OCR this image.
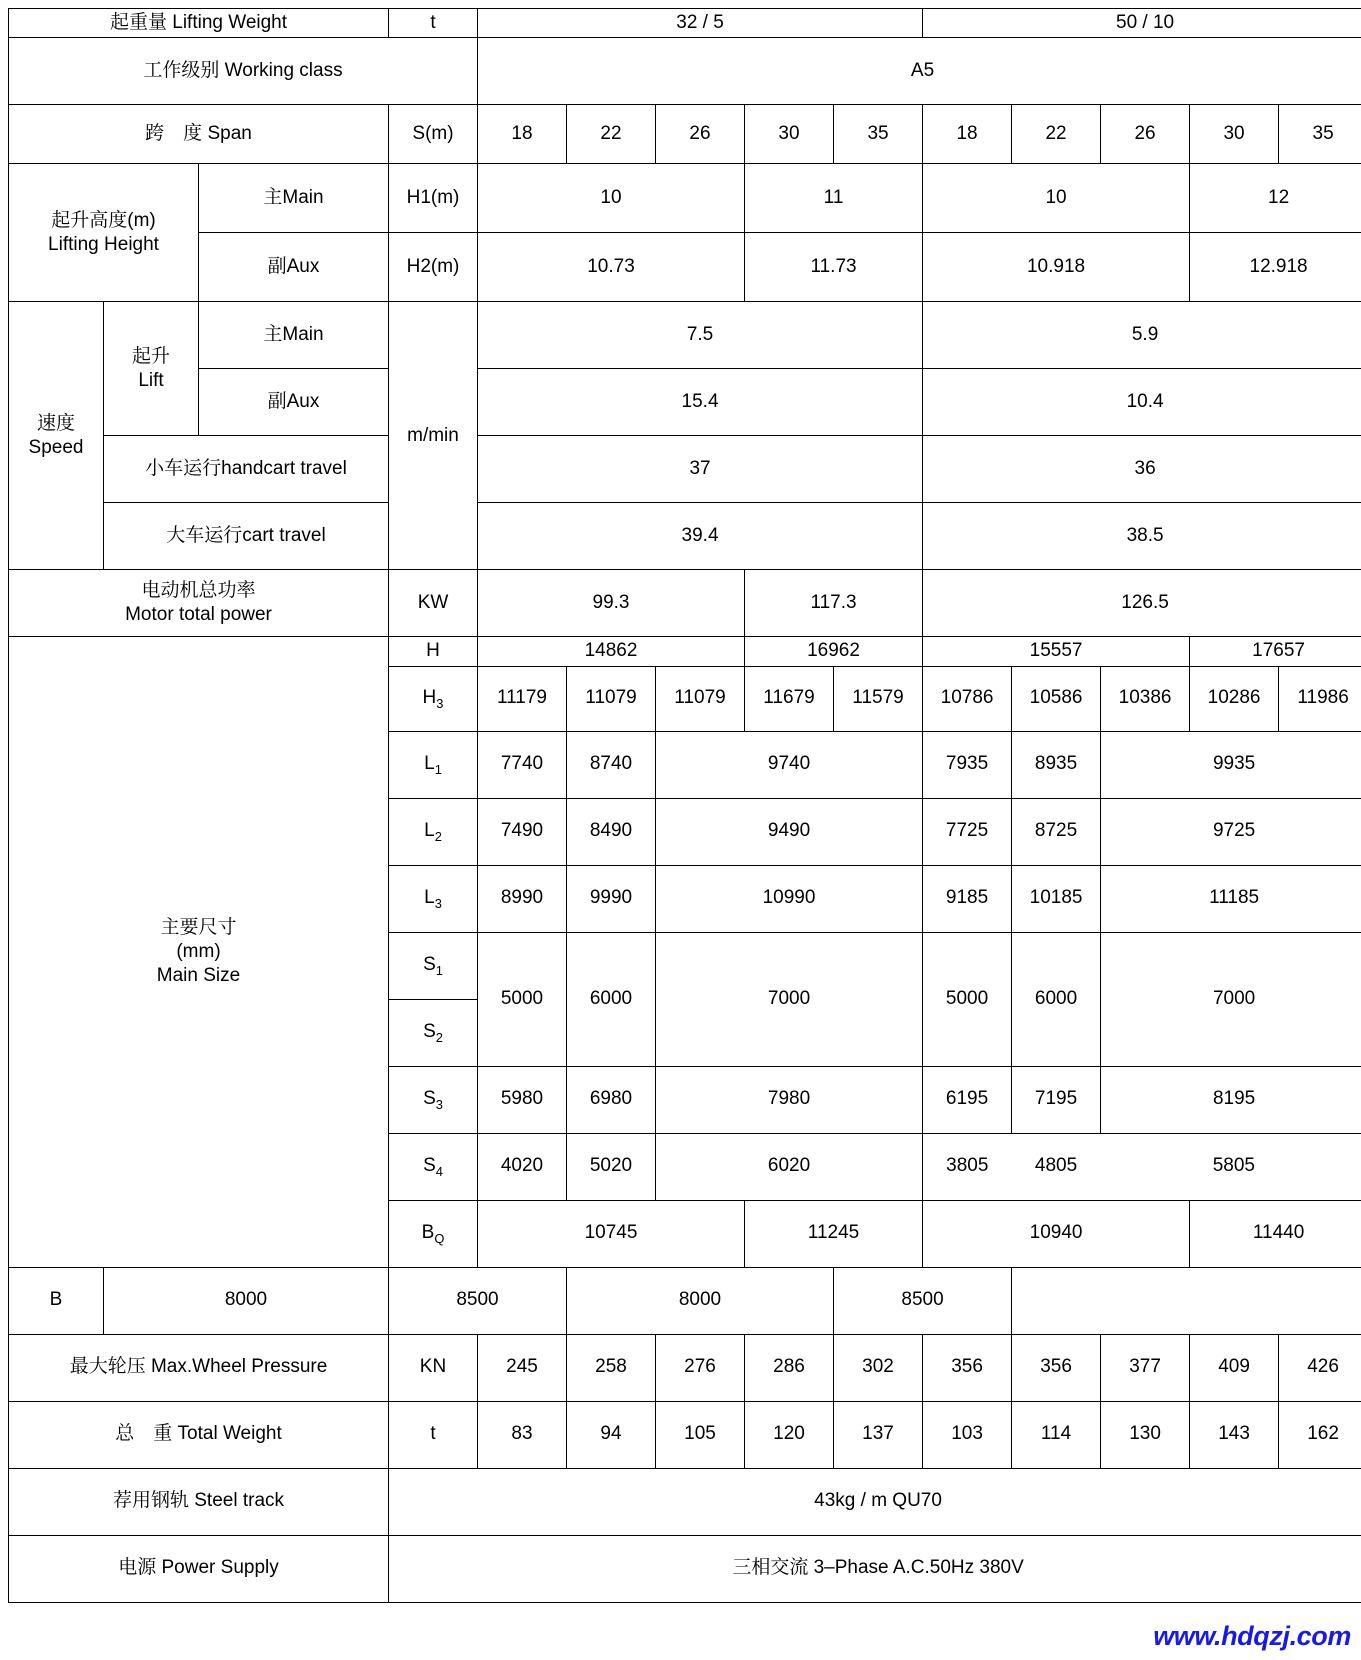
起重量 Lifting Weight			t	32 / 5					50 / 10				
工作级别 Working class				A5									
跨　度 Span			S(m)	18	22	26	30	35	18	22	26	30	35
起升高度(m)
Lifting Height		主Main	H1(m)	10			11		10			12	
		副Aux	H2(m)	10.73			11.73		10.918			12.918	
速度
Speed	起升
Lift	主Main	m/min	7.5					5.9				
		副Aux		15.4					10.4				
	小车运行handcart travel			37					36				
	大车运行cart travel			39.4					38.5				
电动机总功率
Motor total power			KW	99.3			117.3		126.5				
主要尺寸
(mm)
Main Size			H	14862			16962		15557			17657	
			$H_3$	11179	11079	11079	11679	11579	10786	10586	10386	10286	11986
			$L_1$	7740	8740	9740			7935	8935	9935		
			$L_2$	7490	8490	9490			7725	8725	9725		
			$L_3$	8990	9990	10990			9185	10185	11185		
			$S_1$	5000	6000	7000			5000	6000	7000		
			$S_2$
			$S_3$	5980	6980	7980			6195	7195	8195		
			$S_4$	4020	5020	6020			3805	4805	5805		
			$B_Q$	10745			11245		10940			11440	
B	8000		8500		8000			8500					
最大轮压 Max.Wheel Pressure			KN	245	258	276	286	302	356	356	377	409	426
总　重 Total Weight			t	83	94	105	120	137	103	114	130	143	162
荐用钢轨 Steel track			43kg / m QU70										
电源 Power Supply			三相交流 3–Phase A.C.50Hz 380V										
www.hdqzj.com
